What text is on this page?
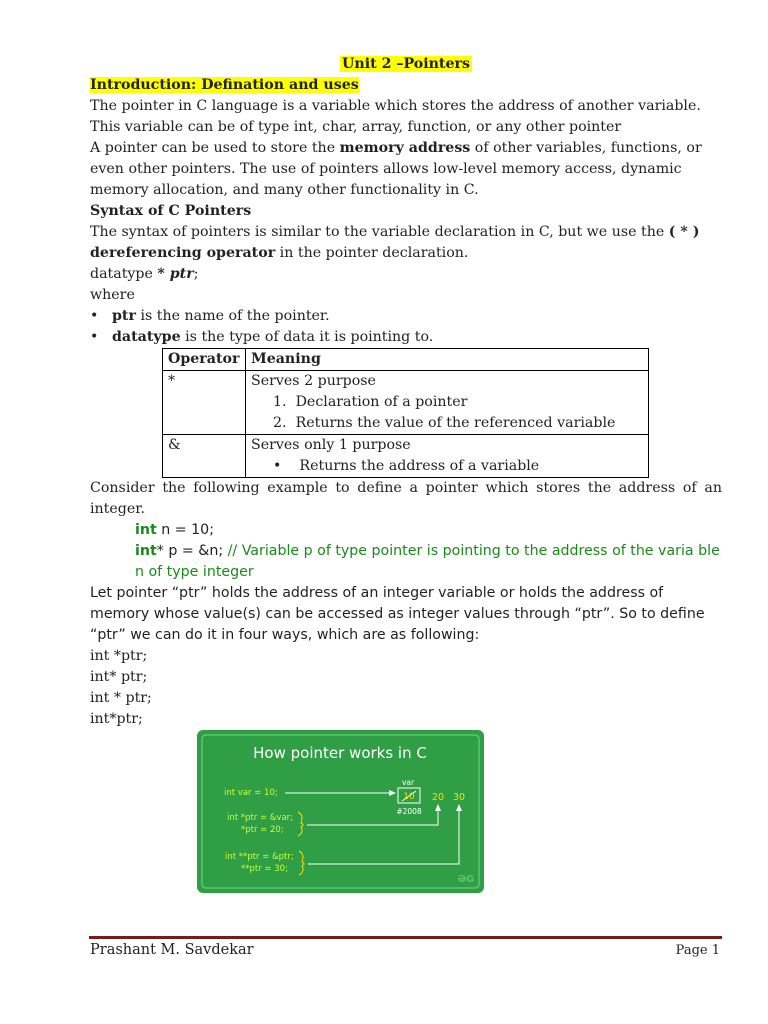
Unit 2 –Pointers
Introduction: Defination and uses
The pointer in C language is a variable which stores the address of another variable. This variable can be of type int, char, array, function, or any other pointer
A pointer can be used to store the memory address of other variables, functions, or even other pointers. The use of pointers allows low-level memory access, dynamic memory allocation, and many other functionality in C.
Syntax of C Pointers
The syntax of pointers is similar to the variable declaration in C, but we use the ( * ) dereferencing operator in the pointer declaration.
datatype * ptr;
where
• ptr is the name of the pointer.
• datatype is the type of data it is pointing to.
Operator	Meaning
*	Serves 2 purpose
1.  Declaration of a pointer
2.  Returns the value of the referenced variable

&	Serves only 1 purpose
•    Returns the address of a variable
Consider the following example to define a pointer which stores the address of an integer.
int n = 10;
int* p = &n; // Variable p of type pointer is pointing to the address of the varia ble n of type integer
Let pointer “ptr” holds the address of an integer variable or holds the address of memory whose value(s) can be accessed as integer values through “ptr”. So to define “ptr” we can do it in four ways, which are as following:
int *ptr;
int* ptr;
int * ptr;
int*ptr;
How pointer works in C
int var = 10;
var
10
#2008
20 30
int *ptr = &var;
*ptr = 20;
int **ptr = &ptr;
**ptr = 30;
ƏG
Prashant M. Savdekar	Page 1
